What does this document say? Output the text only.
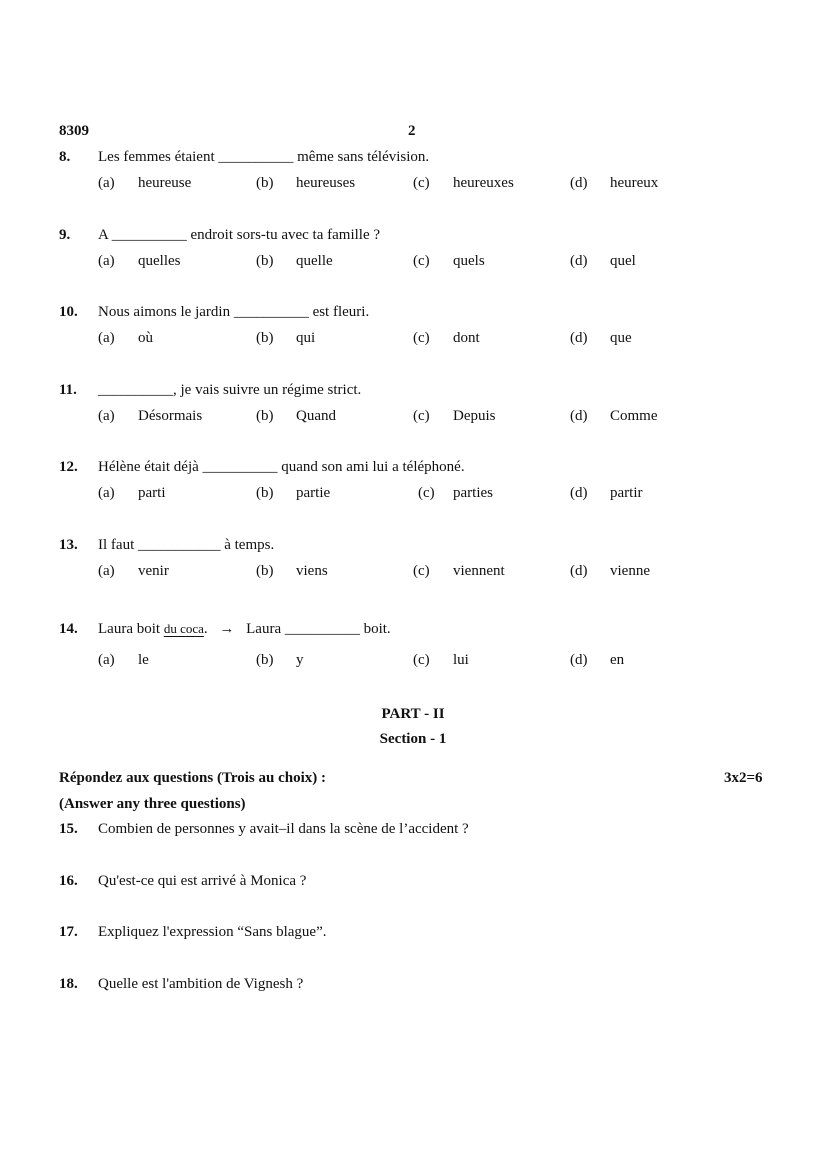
8309	2
8. Les femmes étaient __________ même sans télévision.
(a) heureuse	(b) heureuses	(c) heureuxes	(d) heureux
9. A __________ endroit sors-tu avec ta famille ?
(a) quelles	(b) quelle	(c) quels	(d) quel
10. Nous aimons le jardin __________ est fleuri.
(a) où	(b) qui	(c) dont	(d) que
11. __________, je vais suivre un régime strict.
(a) Désormais	(b) Quand	(c) Depuis	(d) Comme
12. Hélène était déjà __________ quand son ami lui a téléphoné.
(a) parti	(b) partie	(c) parties	(d) partir
13. Il faut ___________ à temps.
(a) venir	(b) viens	(c) viennent	(d) vienne
14. Laura boit du coca. → Laura __________ boit.
(a) le	(b) y	(c) lui	(d) en
PART - II
Section - 1
Répondez aux questions (Trois au choix) :	3x2=6
(Answer any three questions)
15. Combien de personnes y avait–il dans la scène de l’accident ?
16. Qu'est-ce qui est arrivé à Monica ?
17. Expliquez l'expression “Sans blague”.
18. Quelle est l'ambition de Vignesh ?
